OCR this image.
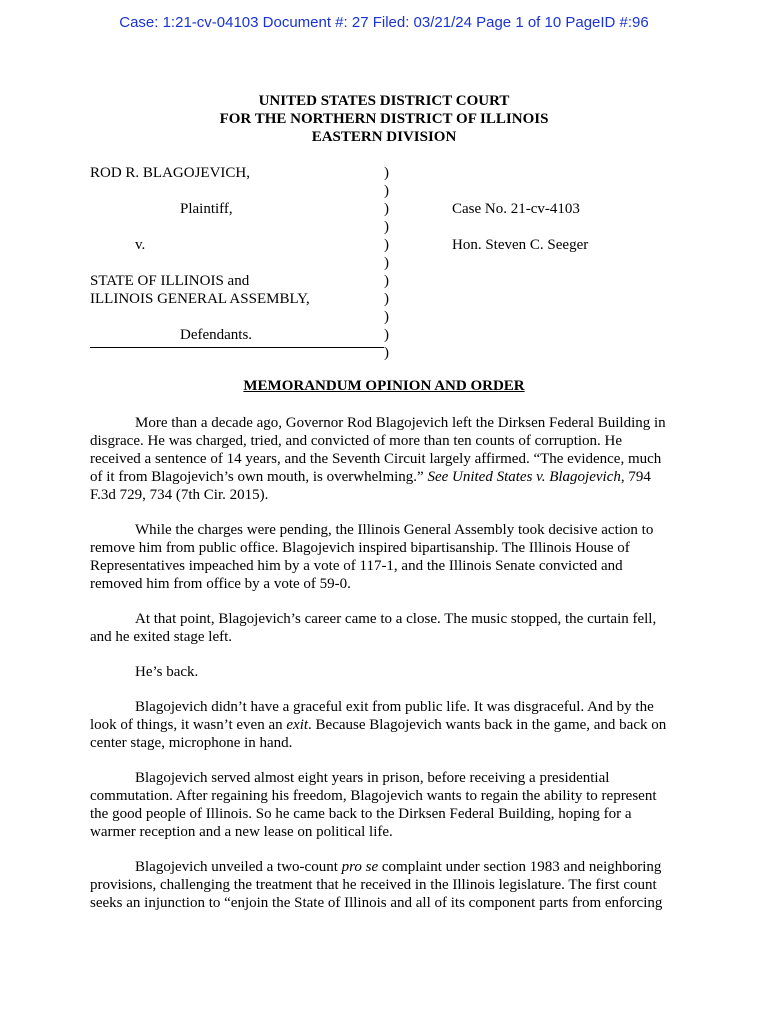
Case: 1:21-cv-04103 Document #: 27 Filed: 03/21/24 Page 1 of 10 PageID #:96
UNITED STATES DISTRICT COURT
FOR THE NORTHERN DISTRICT OF ILLINOIS
EASTERN DIVISION
ROD R. BLAGOJEVICH,
Plaintiff,
v.
STATE OF ILLINOIS and
ILLINOIS GENERAL ASSEMBLY,
Defendants.
)
)
)
)
)
)
)
)
)
)
)
Case No. 21-cv-4103
Hon. Steven C. Seeger
MEMORANDUM OPINION AND ORDER

More than a decade ago, Governor Rod Blagojevich left the Dirksen Federal Building in disgrace. He was charged, tried, and convicted of more than ten counts of corruption. He received a sentence of 14 years, and the Seventh Circuit largely affirmed. “The evidence, much of it from Blagojevich’s own mouth, is overwhelming.” See United States v. Blagojevich, 794 F.3d 729, 734 (7th Cir. 2015).

While the charges were pending, the Illinois General Assembly took decisive action to remove him from public office. Blagojevich inspired bipartisanship. The Illinois House of Representatives impeached him by a vote of 117-1, and the Illinois Senate convicted and removed him from office by a vote of 59-0.

At that point, Blagojevich’s career came to a close. The music stopped, the curtain fell, and he exited stage left.

He’s back.

Blagojevich didn’t have a graceful exit from public life. It was disgraceful. And by the look of things, it wasn’t even an exit. Because Blagojevich wants back in the game, and back on center stage, microphone in hand.

Blagojevich served almost eight years in prison, before receiving a presidential commutation. After regaining his freedom, Blagojevich wants to regain the ability to represent the good people of Illinois. So he came back to the Dirksen Federal Building, hoping for a warmer reception and a new lease on political life.

Blagojevich unveiled a two-count pro se complaint under section 1983 and neighboring provisions, challenging the treatment that he received in the Illinois legislature. The first count seeks an injunction to “enjoin the State of Illinois and all of its component parts from enforcing
